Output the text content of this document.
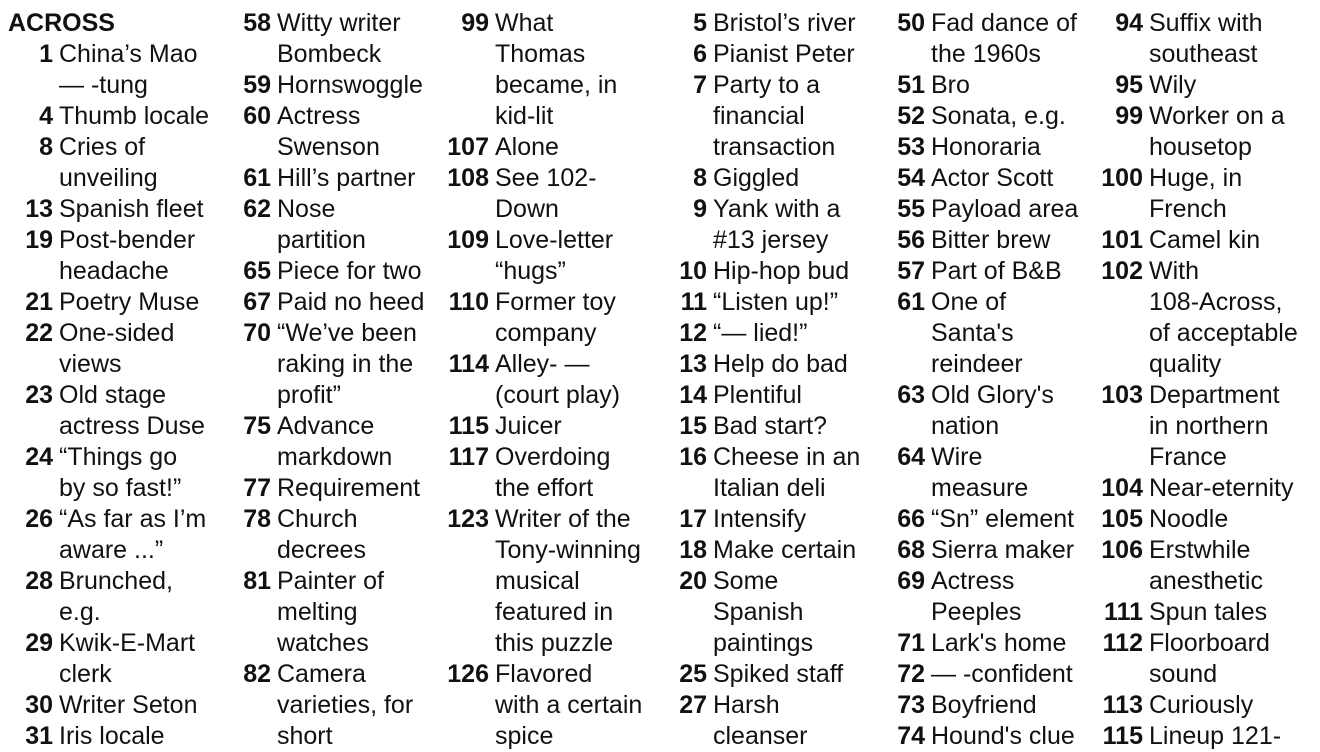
ACROSS
1 China’s Mao
— -tung
4 Thumb locale
8 Cries of
unveiling
13 Spanish fleet
19 Post-bender
headache
21 Poetry Muse
22 One-sided
views
23 Old stage
actress Duse
24 “Things go
by so fast!”
26 “As far as I’m
aware ...”
28 Brunched,
e.g.
29 Kwik-E-Mart
clerk
30 Writer Seton
31 Iris locale
58 Witty writer
Bombeck
59 Hornswoggle
60 Actress
Swenson
61 Hill’s partner
62 Nose
partition
65 Piece for two
67 Paid no heed
70 “We’ve been
raking in the
profit”
75 Advance
markdown
77 Requirement
78 Church
decrees
81 Painter of
melting
watches
82 Camera
varieties, for
short
99 What
Thomas
became, in
kid-lit
107 Alone
108 See 102-
Down
109 Love-letter
“hugs”
110 Former toy
company
114 Alley- —
(court play)
115 Juicer
117 Overdoing
the effort
123 Writer of the
Tony-winning
musical
featured in
this puzzle
126 Flavored
with a certain
spice
5 Bristol’s river
6 Pianist Peter
7 Party to a
financial
transaction
8 Giggled
9 Yank with a
#13 jersey
10 Hip-hop bud
11 “Listen up!”
12 “— lied!”
13 Help do bad
14 Plentiful
15 Bad start?
16 Cheese in an
Italian deli
17 Intensify
18 Make certain
20 Some
Spanish
paintings
25 Spiked staff
27 Harsh
cleanser
50 Fad dance of
the 1960s
51 Bro
52 Sonata, e.g.
53 Honoraria
54 Actor Scott
55 Payload area
56 Bitter brew
57 Part of B&B
61 One of
Santa's
reindeer
63 Old Glory's
nation
64 Wire
measure
66 “Sn” element
68 Sierra maker
69 Actress
Peeples
71 Lark's home
72 — -confident
73 Boyfriend
74 Hound's clue
94 Suffix with
southeast
95 Wily
99 Worker on a
housetop
100 Huge, in
French
101 Camel kin
102 With
108-Across,
of acceptable
quality
103 Department
in northern
France
104 Near-eternity
105 Noodle
106 Erstwhile
anesthetic
111 Spun tales
112 Floorboard
sound
113 Curiously
115 Lineup 121-
